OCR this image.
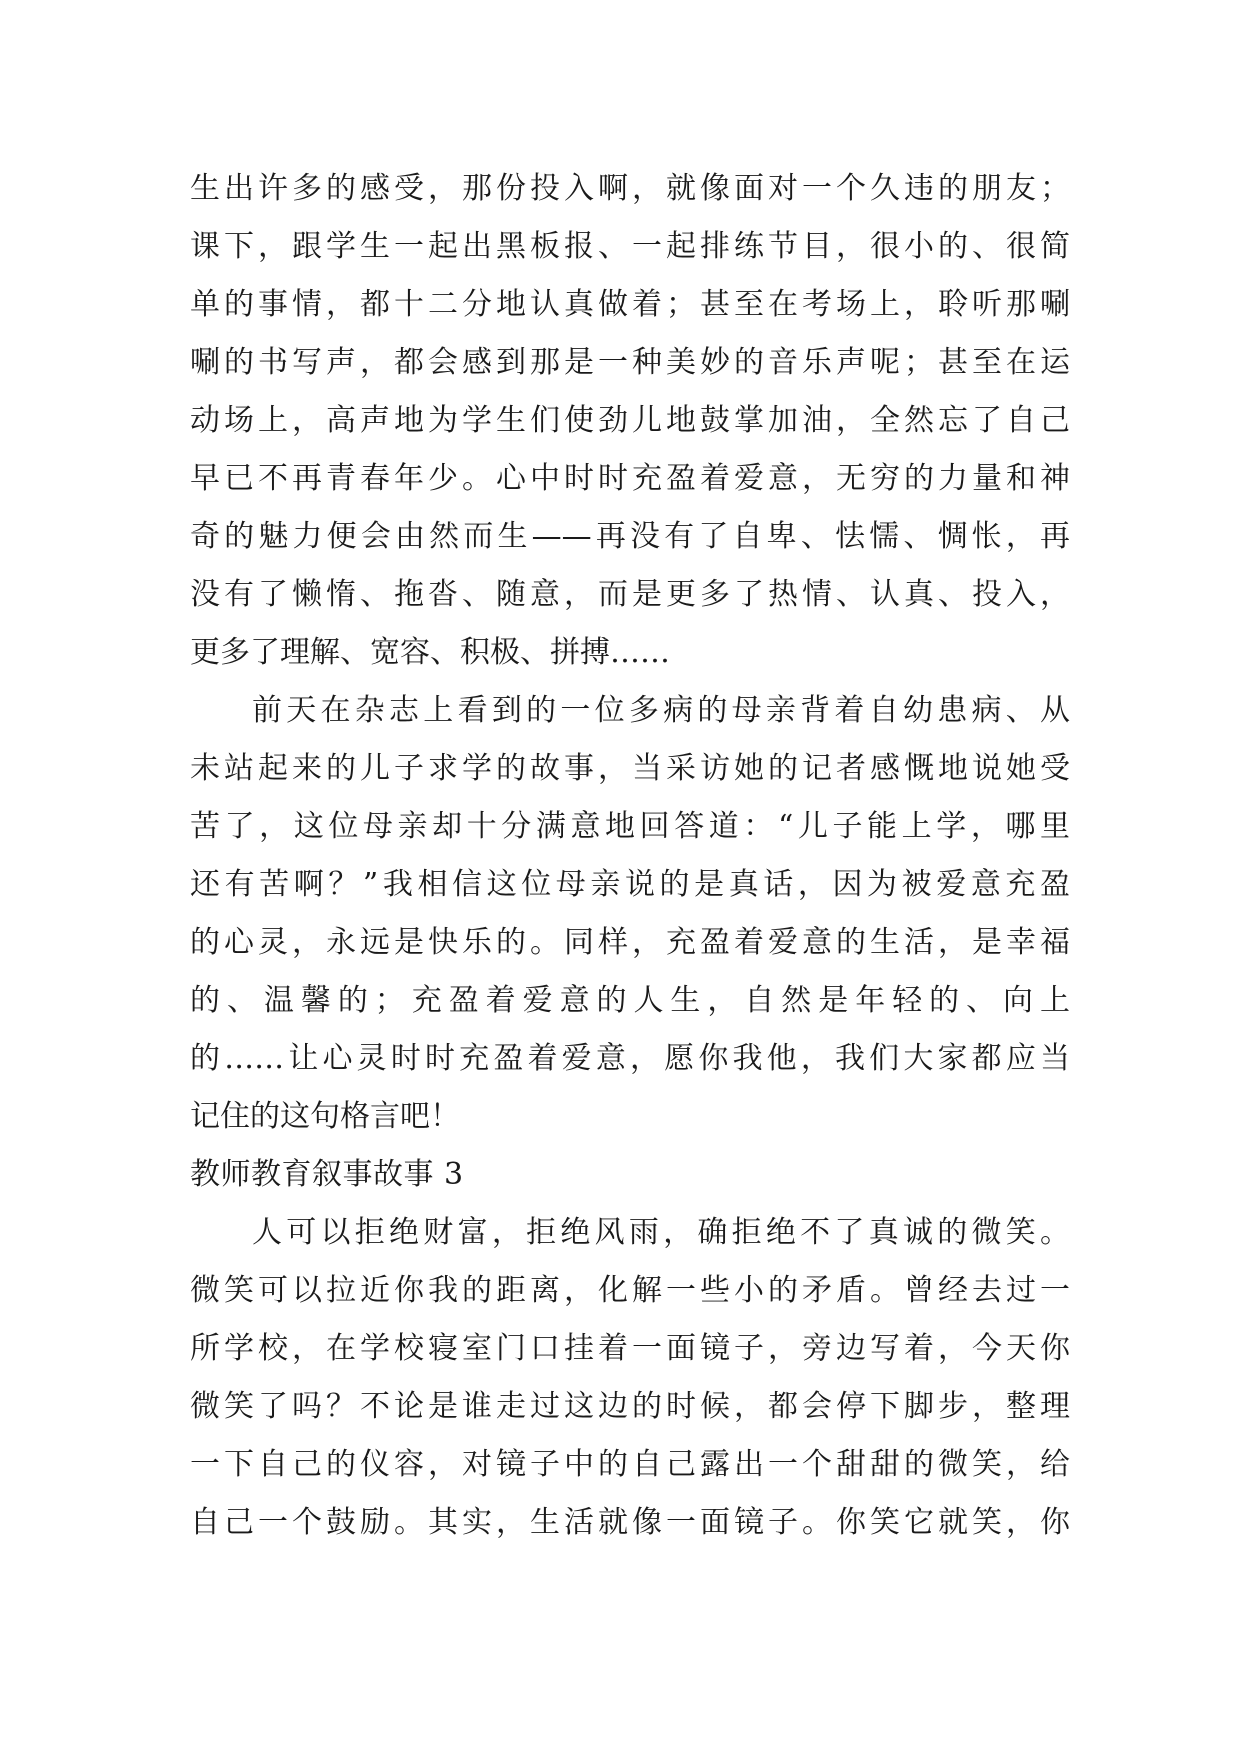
生出许多的感受，那份投入啊，就像面对一个久违的朋友；
课下，跟学生一起出黑板报、一起排练节目，很小的、很简
单的事情，都十二分地认真做着；甚至在考场上，聆听那唰
唰的书写声，都会感到那是一种美妙的音乐声呢；甚至在运
动场上，高声地为学生们使劲儿地鼓掌加油，全然忘了自己
早已不再青春年少。心中时时充盈着爱意，无穷的力量和神
奇的魅力便会由然而生——再没有了自卑、怯懦、惆怅，再
没有了懒惰、拖沓、随意，而是更多了热情、认真、投入，
更多了理解、宽容、积极、拼搏……
前天在杂志上看到的一位多病的母亲背着自幼患病、从
未站起来的儿子求学的故事，当采访她的记者感慨地说她受
苦了，这位母亲却十分满意地回答道：“儿子能上学，哪里
还有苦啊？”我相信这位母亲说的是真话，因为被爱意充盈
的心灵，永远是快乐的。同样，充盈着爱意的生活，是幸福
的、温馨的；充盈着爱意的人生，自然是年轻的、向上
的……让心灵时时充盈着爱意，愿你我他，我们大家都应当
记住的这句格言吧！
教师教育叙事故事 3
人可以拒绝财富，拒绝风雨，确拒绝不了真诚的微笑。
微笑可以拉近你我的距离，化解一些小的矛盾。曾经去过一
所学校，在学校寝室门口挂着一面镜子，旁边写着，今天你
微笑了吗？不论是谁走过这边的时候，都会停下脚步，整理
一下自己的仪容，对镜子中的自己露出一个甜甜的微笑，给
自己一个鼓励。其实，生活就像一面镜子。你笑它就笑，你
